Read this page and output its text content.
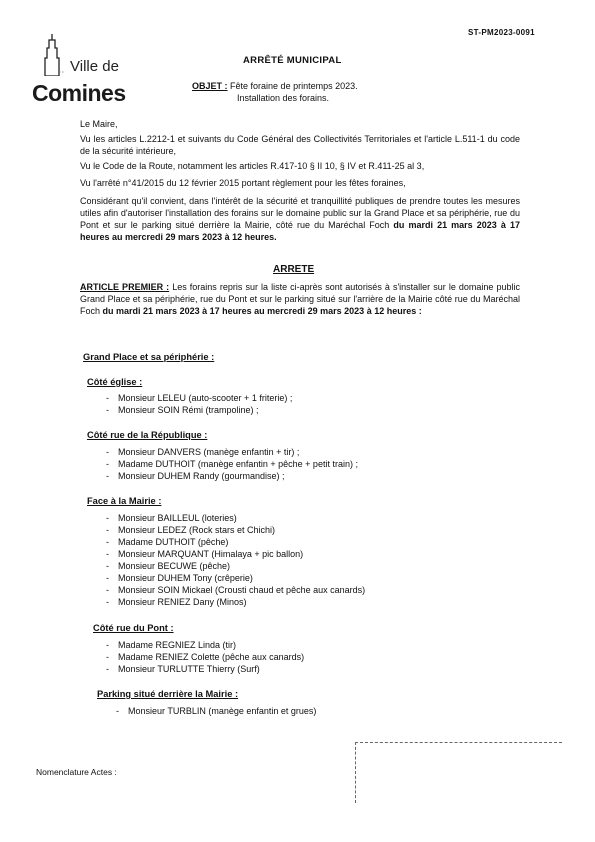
Ville de
Comines
ST-PM2023-0091
ARRÊTÉ MUNICIPAL
OBJET : Fête foraine de printemps 2023.
Installation des forains.
Le Maire,
Vu les articles L.2212-1 et suivants du Code Général des Collectivités Territoriales et l'article L.511-1 du code de la sécurité intérieure,
Vu le Code de la Route, notamment les articles R.417-10 § II 10, § IV et R.411-25 al 3,
Vu l'arrêté n°41/2015 du 12 février 2015 portant règlement pour les fêtes foraines,
Considérant qu'il convient, dans l'intérêt de la sécurité et tranquillité publiques de prendre toutes les mesures utiles afin d'autoriser l'installation des forains sur le domaine public sur la Grand Place et sa périphérie, rue du Pont et sur le parking situé derrière la Mairie, côté rue du Maréchal Foch du mardi 21 mars 2023 à 17 heures au mercredi 29 mars 2023 à 12 heures.
ARRETE
ARTICLE PREMIER : Les forains repris sur la liste ci-après sont autorisés à s'installer sur le domaine public Grand Place et sa périphérie, rue du Pont et sur le parking situé sur l'arrière de la Mairie côté rue du Maréchal Foch du mardi 21 mars 2023 à 17 heures au mercredi 29 mars 2023 à 12 heures :
Grand Place et sa périphérie :
Côté église :
- Monsieur LELEU (auto-scooter + 1 friterie) ;
- Monsieur SOIN Rémi (trampoline) ;
Côté rue de la République :
- Monsieur DANVERS (manège enfantin + tir) ;
- Madame DUTHOIT (manège enfantin + pêche + petit train) ;
- Monsieur DUHEM Randy (gourmandise) ;
Face à la Mairie :
- Monsieur BAILLEUL (loteries)
- Monsieur LEDEZ (Rock stars et Chichi)
- Madame DUTHOIT (pêche)
- Monsieur MARQUANT (Himalaya + pic ballon)
- Monsieur BECUWE (pêche)
- Monsieur DUHEM Tony (crêperie)
- Monsieur SOIN Mickael (Crousti chaud et pêche aux canards)
- Monsieur RENIEZ Dany (Minos)
Côté rue du Pont :
- Madame REGNIEZ Linda (tir)
- Madame RENIEZ Colette (pêche aux canards)
- Monsieur TURLUTTE Thierry (Surf)
Parking situé derrière la Mairie :
- Monsieur TURBLIN (manège enfantin et grues)
Nomenclature Actes :
